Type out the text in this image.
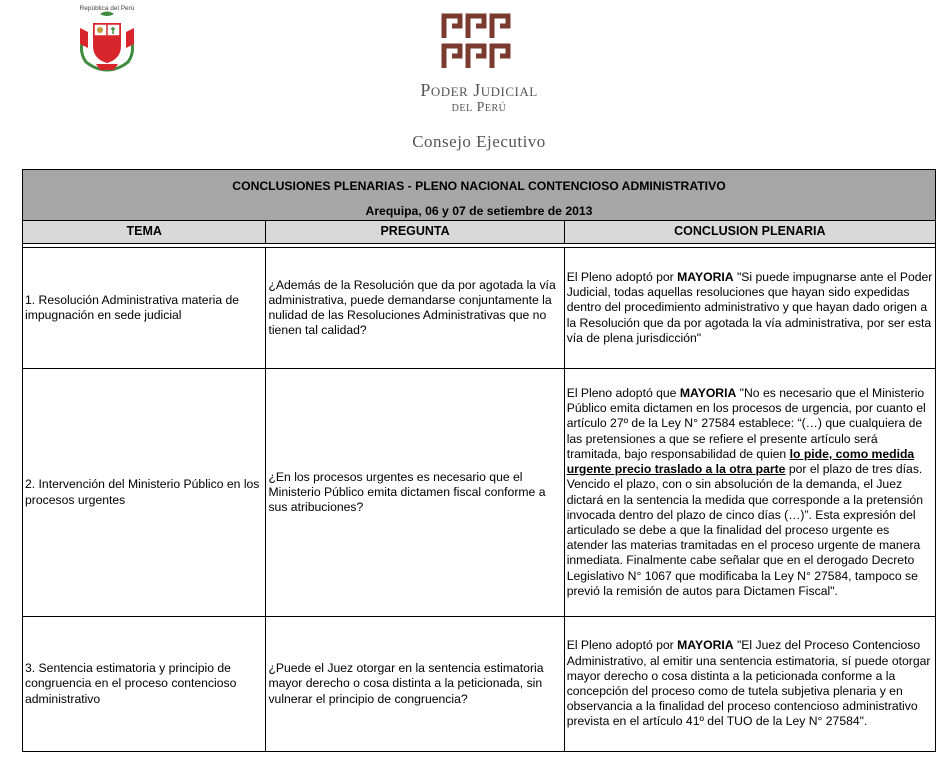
República del Perú
Poder Judicial
del Perú
Consejo Ejecutivo
CONCLUSIONES PLENARIAS - PLENO NACIONAL CONTENCIOSO ADMINISTRATIVO
Arequipa, 06 y 07 de setiembre de 2013		

TEMA	PREGUNTA	CONCLUSION PLENARIA

1. Resolución Administrativa materia de impugnación en sede judicial	¿Además de la Resolución que da por agotada la vía administrativa, puede demandarse conjuntamente la nulidad de las Resoluciones Administrativas que no tienen tal calidad?	El Pleno adoptó por MAYORIA "Si puede impugnarse ante el Poder Judicial, todas aquellas resoluciones que hayan sido expedidas dentro del procedimiento administrativo y que hayan dado origen a la Resolución que da por agotada la vía administrativa, por ser esta vía de plena jurisdicción"
2. Intervención del Ministerio Público en los procesos urgentes	¿En los procesos urgentes es necesario que el Ministerio Público emita dictamen fiscal conforme a sus atribuciones?	El Pleno adoptó que MAYORIA "No es necesario que el Ministerio Público emita dictamen en los procesos de urgencia, por cuanto el artículo 27º de la Ley N° 27584 establece: “(…) que cualquiera de las pretensiones a que se refiere el presente artículo será tramitada, bajo responsabilidad de quien lo pide, como medida urgente precio traslado a la otra parte por el plazo de tres días. Vencido el plazo, con o sin absolución de la demanda, el Juez dictará en la sentencia la medida que corresponde a la pretensión invocada dentro del plazo de cinco días (…)”. Esta expresión del articulado se debe a que la finalidad del proceso urgente es atender las materias tramitadas en el proceso urgente de manera inmediata. Finalmente cabe señalar que en el derogado Decreto Legislativo N° 1067 que modificaba la Ley N° 27584, tampoco se previó la remisión de autos para Dictamen Fiscal".
3. Sentencia estimatoria y principio de congruencia en el proceso contencioso administrativo	¿Puede el Juez otorgar en la sentencia estimatoria mayor derecho o cosa distinta a la peticionada, sin vulnerar el principio de congruencia?	El Pleno adoptó por MAYORIA "El Juez del Proceso Contencioso Administrativo, al emitir una sentencia estimatoria, sí puede otorgar mayor derecho o cosa distinta a la peticionada conforme a la concepción del proceso como de tutela subjetiva plenaria y en observancia a la finalidad del proceso contencioso administrativo prevista en el artículo 41º del TUO de la Ley N° 27584".
